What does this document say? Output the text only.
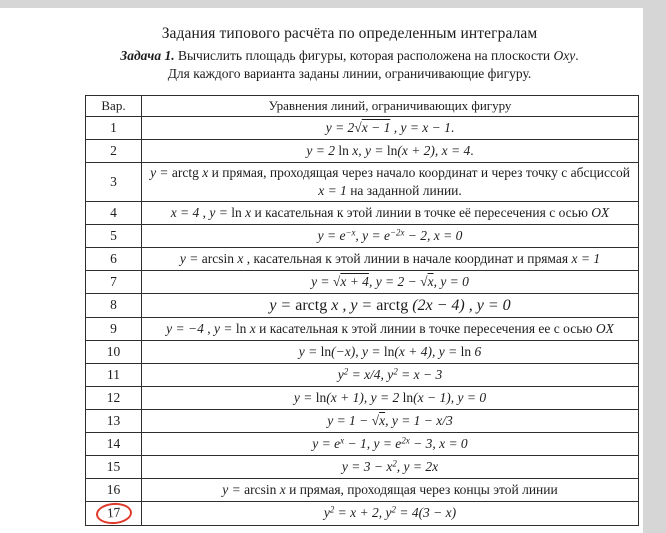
Задания типового расчёта по определенным интегралам

Задача 1. Вычислить площадь фигуры, которая расположена на плоскости Oxy.

Для каждого варианта заданы линии, ограничивающие фигуру.

Вар.	Уравнения линий, ограничивающих фигуру
1	y = 2√x − 1 , y = x − 1.
2	y = 2 ln x, y = ln(x + 2), x = 4.
3	y = arctg x и прямая, проходящая через начало координат и через точку с абсциссой x = 1 на заданной линии.
4	x = 4 , y = ln x и касательная к этой линии в точке её пересечения с осью OX
5	$y = e^{-x}$, $y = e^{-2x} - 2$, x = 0
6	y = arcsin x , касательная к этой линии в начале координат и прямая x = 1
7	y = √x + 4, y = 2 − √x, y = 0
8	y = arctg x , y = arctg (2x − 4) , y = 0
9	y = −4 , y = ln x и касательная к этой линии в точке пересечения ее с осью OX
10	y = ln(−x), y = ln(x + 4), y = ln 6
11	$y^2 = x/4$, $y^2 = x - 3$
12	y = ln(x + 1), y = 2 ln(x − 1), y = 0
13	y = 1 − √x, y = 1 − x/3
14	$y = e^x - 1$, $y = e^{2x} - 3$, x = 0
15	$y = 3 - x^2$, y = 2x
16	y = arcsin x и прямая, проходящая через концы этой линии
17	$y^2 = x + 2$, $y^2 = 4(3 - x)$
